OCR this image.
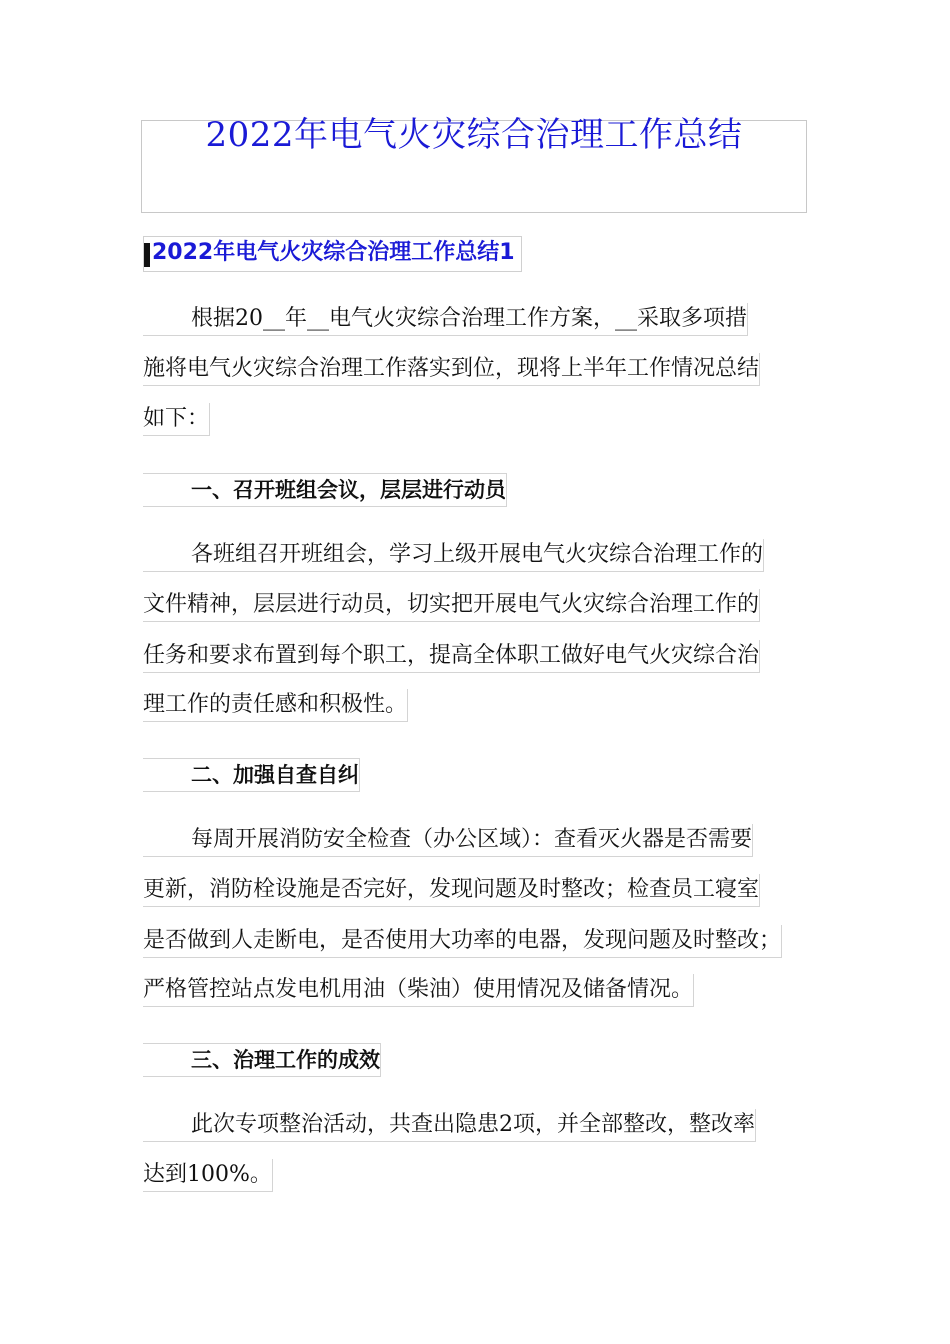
2022年电气火灾综合治理工作总结
2022年电气火灾综合治理工作总结1
根据20__年__电气火灾综合治理工作方案，__采取多项措
施将电气火灾综合治理工作落实到位，现将上半年工作情况总结
如下：
一、召开班组会议，层层进行动员
各班组召开班组会，学习上级开展电气火灾综合治理工作的
文件精神，层层进行动员，切实把开展电气火灾综合治理工作的
任务和要求布置到每个职工，提高全体职工做好电气火灾综合治
理工作的责任感和积极性。
二、加强自查自纠
每周开展消防安全检查（办公区域）：查看灭火器是否需要
更新，消防栓设施是否完好，发现问题及时整改；检查员工寝室
是否做到人走断电，是否使用大功率的电器，发现问题及时整改；
严格管控站点发电机用油（柴油）使用情况及储备情况。
三、治理工作的成效
此次专项整治活动，共查出隐患2项，并全部整改，整改率
达到100%。
